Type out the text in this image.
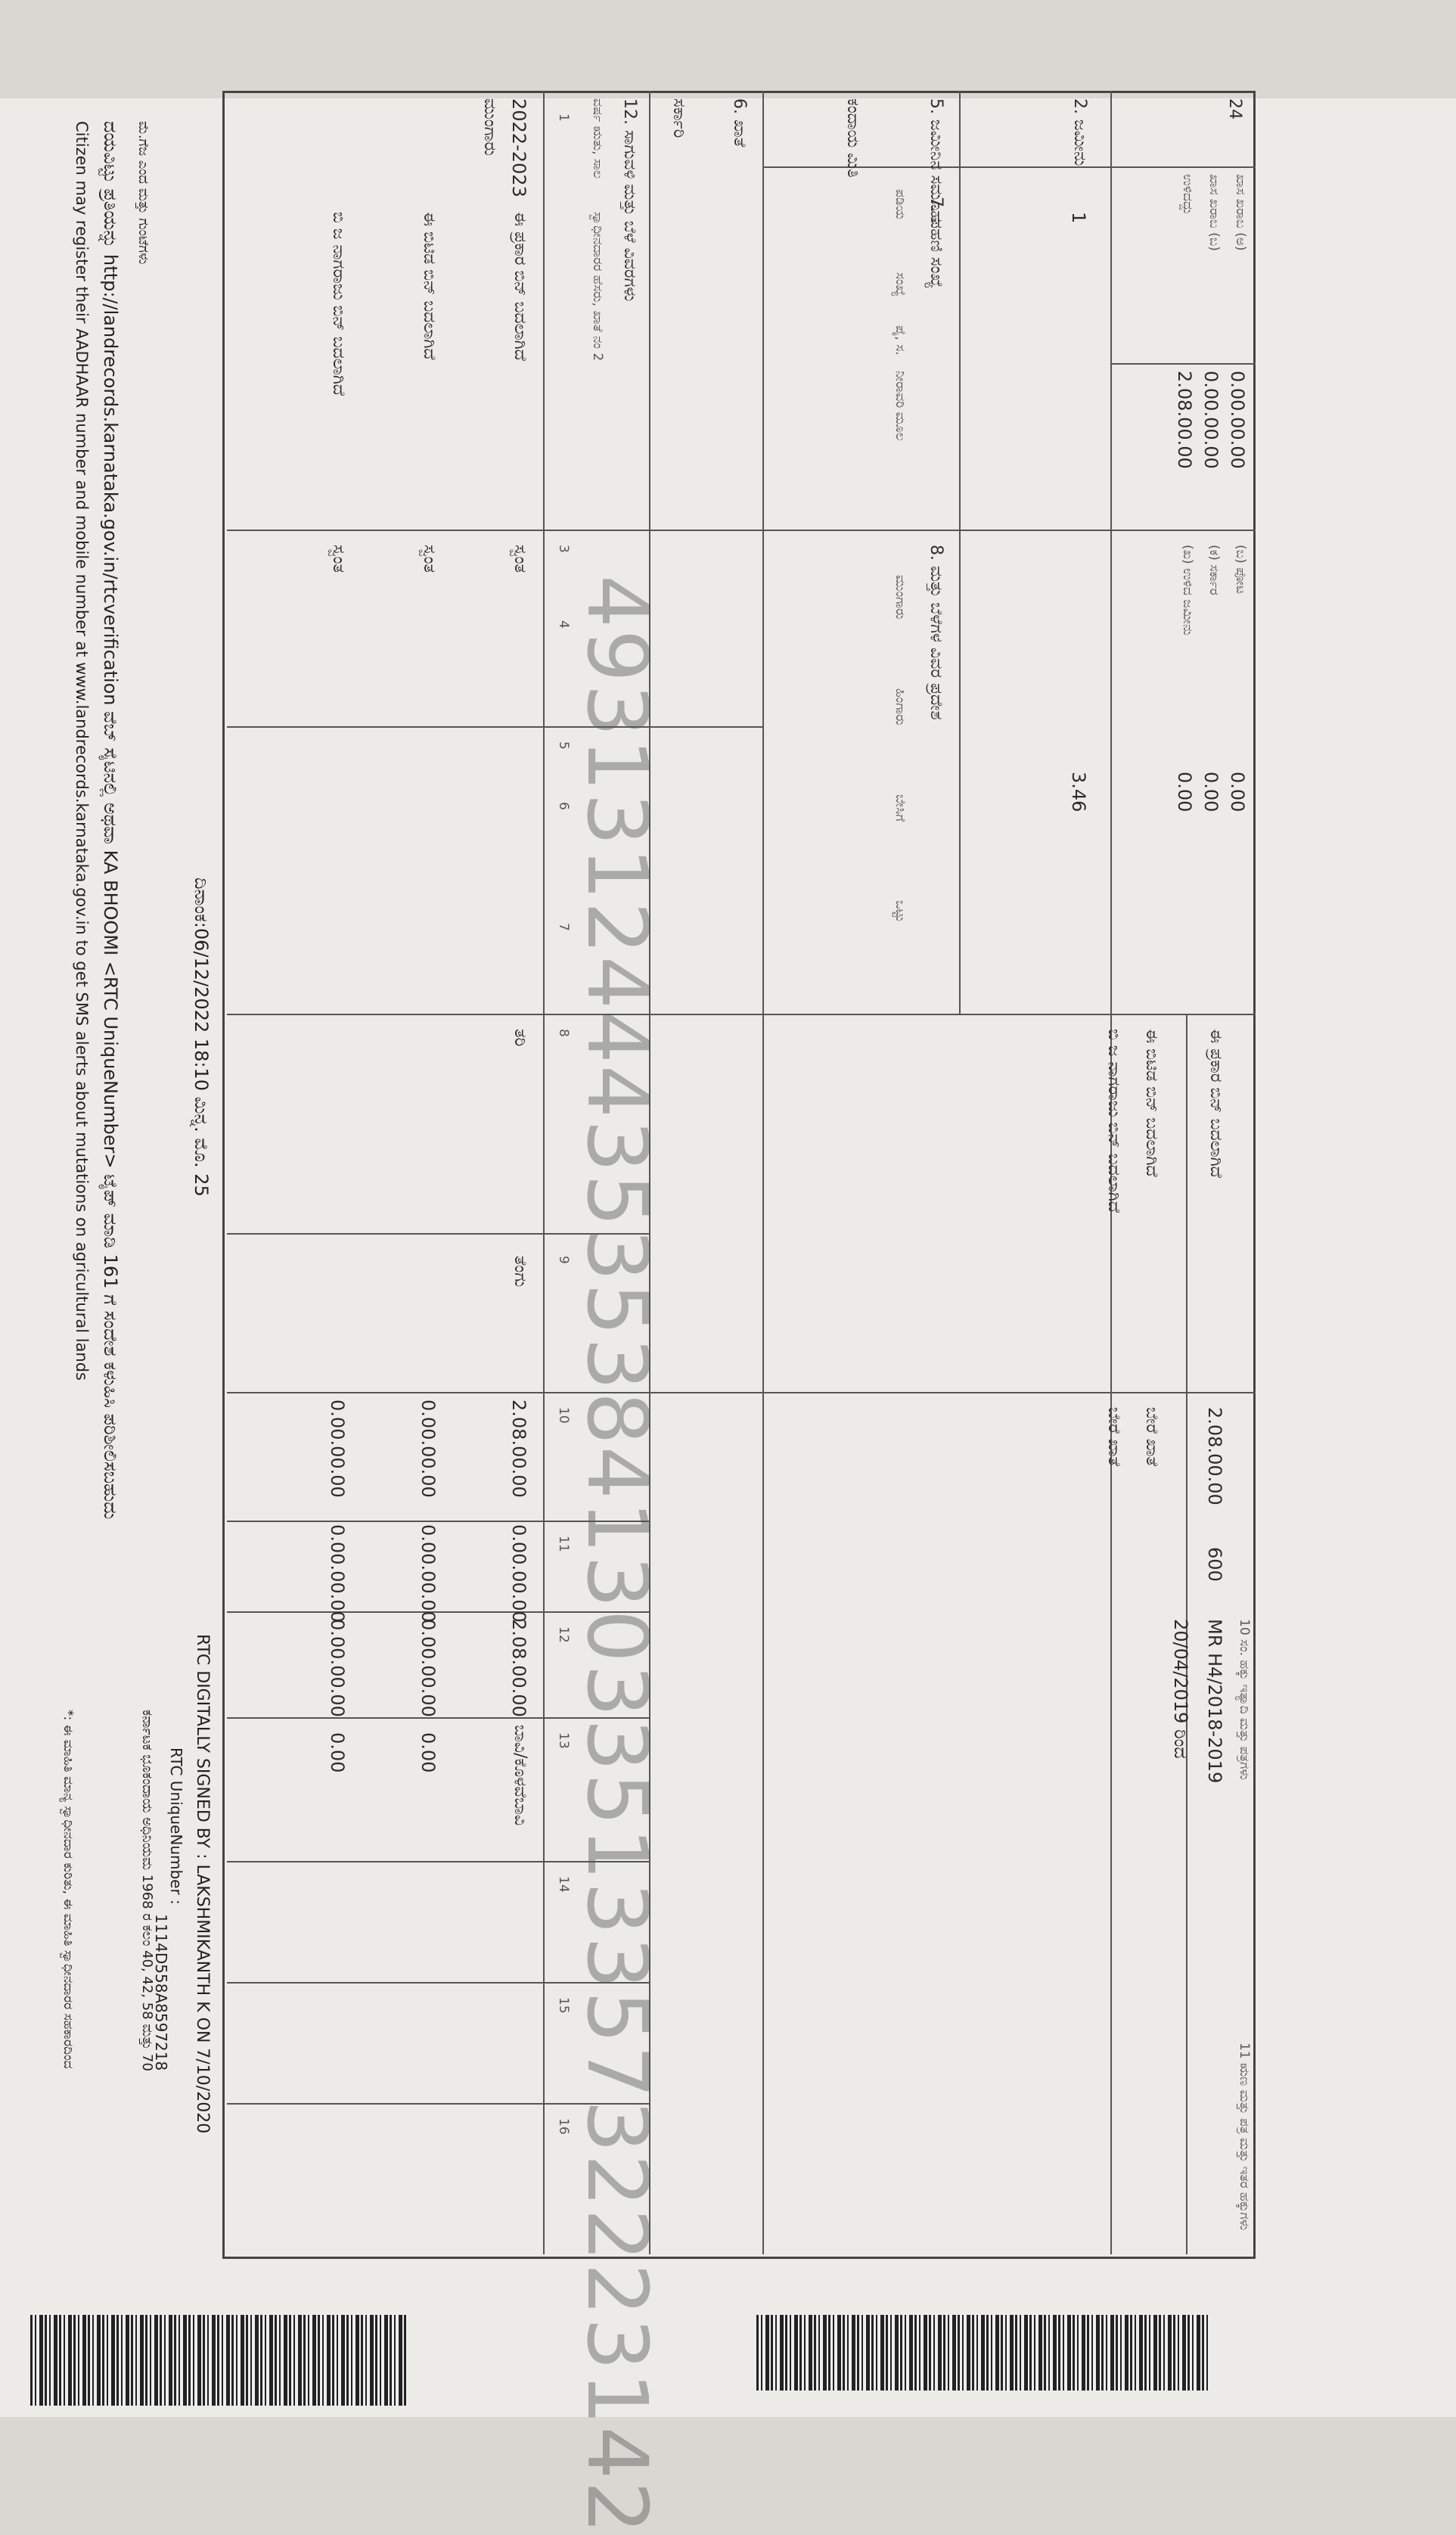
24
ಖಾಸ ಖರಾಬ (ಅ)
ಖಾಸ ಖರಾಬ (ಬ)
ಉಳಿದದ್ದು
0.00.00.00
0.00.00.00
2.08.00.00
(ಬ) ಪೋಟ
(ಕ) ಸರ್ಕಾರ
(ಖ) ಉಳಿದ ಜಮೀನು
0.00
0.00
0.00
2. ಜಮೀನು
1
3.46
5. ಜಮೀನಿನ ಸಮೂಹ
ಕಂದಾಯ ಮಿತಿ
7. ಪಹಣಿ ಸಂಖ್ಯೆ
ಪಡಿಯ
ಸಂಖ್ಯೆ
ಪೈ, ಸ.
ನೀರಾವರಿ ಮೂಲ
8. ಮತ್ತು ಬೆಳೆಗಳ ವಿವರ ಪ್ರದೇಶ
ಮುಂಗಾರು
ಹಿಂಗಾರು
ಬೇಸಿಗೆ
ಒಟ್ಟು
6. ಖಾತೆ
ಸರ್ಕಾರಿ
ಈ ಪ್ರಕಾರ ಬಿನ್ ಬದಲಾಗಿದೆ
ಈ ಬಿಟಿಡ ಬಿನ್ ಬದಲಾಗಿದೆ
ಬಿ ಜ ನಾಗರಾಜು ಬಿನ್ ಬದಲಾಗಿದೆ
2.08.00.00
ಬೇರೆ ಖಾತೆ
ಬೇರೆ ಖಾತೆ
600
MR H4/2018-2019
20/04/2019 ರಿಂದ	10 ಸಂ. ಹಕ್ಕು ಇತ್ಯಾದಿ ಮತ್ತು ಪತ್ರಗಳು
11 ಋಣ ಮತ್ತು ಪತ್ರ ಮತ್ತು ಇತರ ಹಕ್ಕುಗಳು
12. ಸಾಗುವಳಿ ಮತ್ತು ಬೆಳೆ ವಿವರಗಳು
ವರ್ಷ ಋತು, ಸಾಲ
ಸ್ವಾಧೀನದಾರರ ಹೆಸರು, ಖಾತೆ ನಂ 2
1
3
4
5
6
7
8
9
10
11
12
13
14
15
16
2022-2023
ಮುಂಗಾರು
ಈ ಪ್ರಕಾರ ಬಿನ್ ಬದಲಾಗಿದೆ
ಸ್ವಂತ
ತರಿ
ತೆಂಗು
2.08.00.00
0.00.00.00
2.08.00.00
ಬಾವಿ/ಕೊಳವೆಬಾವಿ
ಈ ಬಿಟಿಡ ಬಿನ್ ಬದಲಾಗಿದೆ
ಸ್ವಂತ
0.00.00.00
0.00.00.00
0.00.00.00
0.00
ಬಿ ಜ ನಾಗರಾಜು ಬಿನ್ ಬದಲಾಗಿದೆ
ಸ್ವಂತ
0.00.00.00
0.00.00.00
0.00.00.00
0.00	493131244435353841303351335732223142
ದಿನಾಂಕ:06/12/2022 18:10 ಮಿನ್ನ. ಮೊ. 25
RTC DIGITALLY SIGNED BY : LAKSHMIKANTH K ON 7/10/2020
RTC UniqueNumber :
1114D558A8597218
ಕರ್ನಾಟಕ ಭೂಕಂದಾಯ ಅಧಿನಿಯಮ 1968 ರ ಕಲಂ 40, 42, 58 ಮತ್ತು 70
ಮೆ.ಗೆಜ ಎಂದ ಮತ್ತು ಗುಂಟೆಗಳು
ದಯವಿಟ್ಟು ಪ್ರತಿಯನ್ನು http://landrecords.karnataka.gov.in/rtcverification ವೆಬ್ ಸೈಟಿನಲ್ಲಿ ಅಥವಾ KA BHOOMI <RTC UniqueNumber> ಟೈಪ್ ಮಾಡಿ 161 ಗೆ ಸಂದೇಶ ಕಳುಹಿಸಿ ಪರಿಶೀಲಿಸಬಹುದು
Citizen may register their AADHAAR number and mobile number at www.landrecords.karnataka.gov.in to get SMS alerts about mutations on agricultural lands
*: ಈ ಮಾಹಿತಿ ಮಾನ್ಯ ಸ್ವಾಧೀನದಾರ ಕುರಿತು, ಈ ಮಾಹಿತಿ ಸ್ವಾಧೀನದಾರರ ಸಹಕಾರದಿಂದ
